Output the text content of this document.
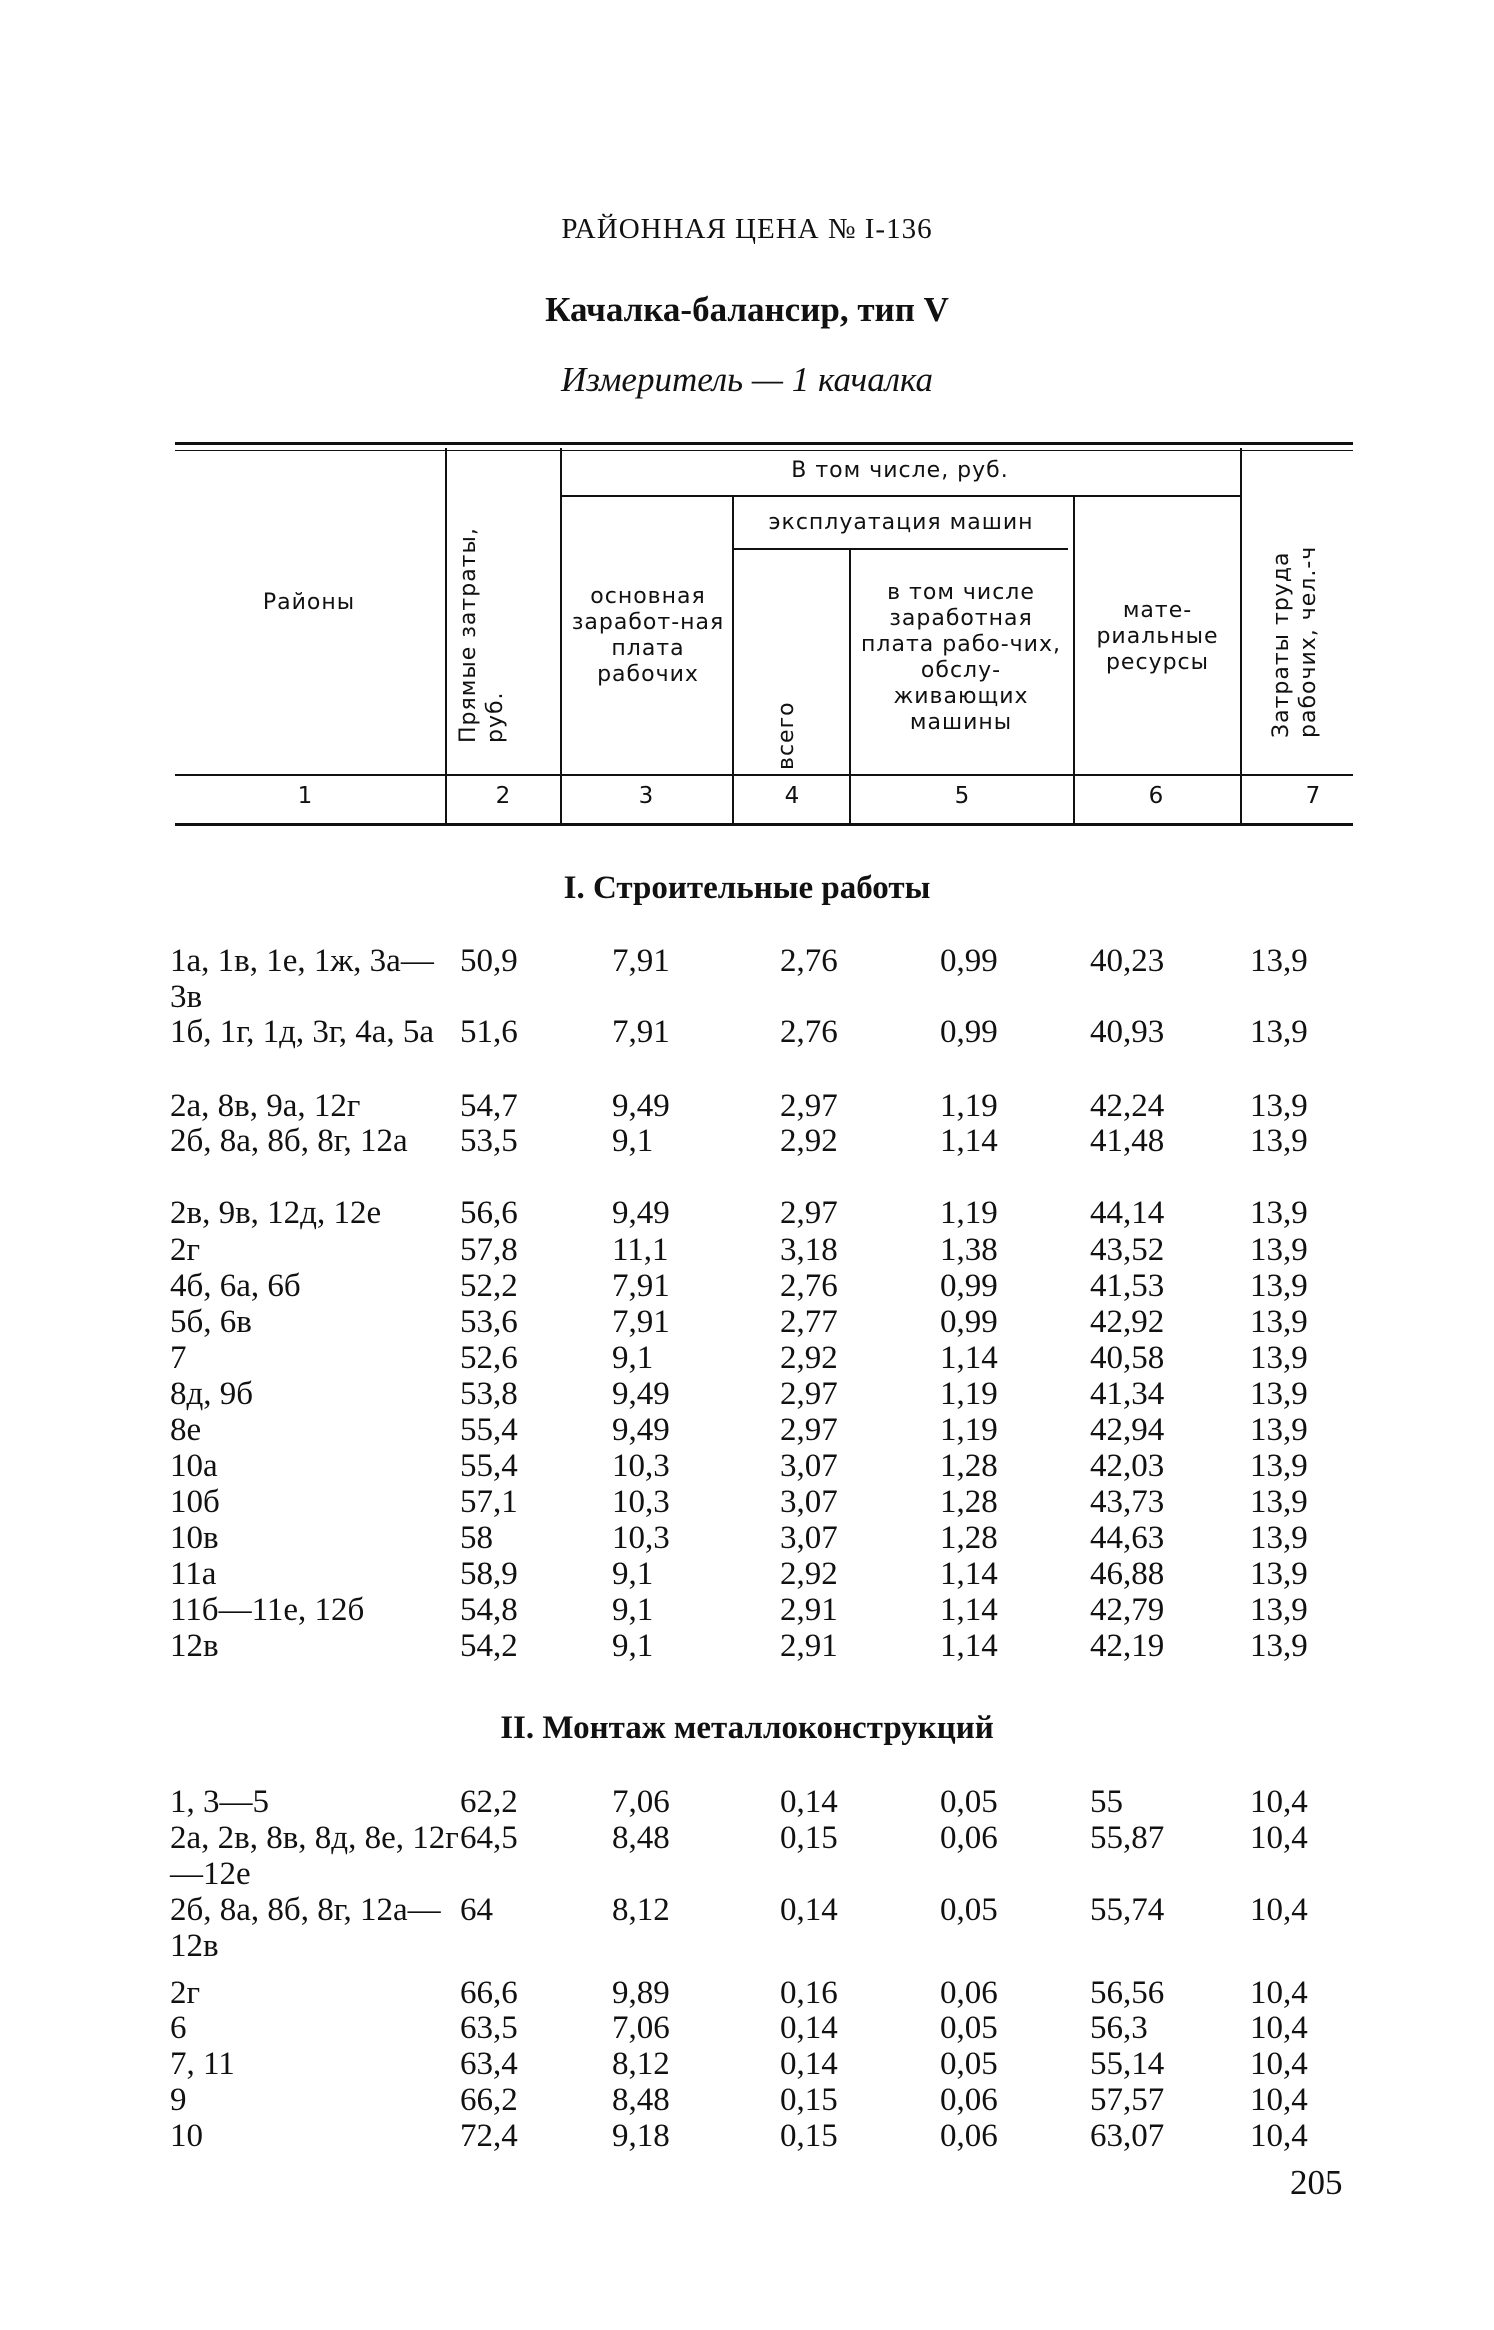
РАЙОННАЯ ЦЕНА № I-136
Качалка-балансир, тип V
Измеритель — 1 качалка
Районы	Прямые затраты, руб.
В том числе, руб.
основная заработ-ная плата рабочих
эксплуатация машин
всего
в том числе заработная плата рабо-чих, обслу-живающих машины
мате-риальные ресурсы	Затраты труда рабочих, чел.-ч
1	2	3	4	5	6	7
I. Строительные работы
1а, 1в, 1е, 1ж, 3а—3в
50,9	7,91	2,76	0,99	40,23	13,9
1б, 1г, 1д, 3г, 4а, 5а 51,6	7,91	2,76	0,99	40,93	13,9
2а, 8в, 9а, 12г	54,7	9,49	2,97	1,19	42,24	13,9
2б, 8а, 8б, 8г, 12а	53,5	9,1	2,92	1,14	41,48	13,9
2в, 9в, 12д, 12е	56,6	9,49	2,97	1,19	44,14	13,9
2г	57,8	11,1	3,18	1,38	43,52	13,9
4б, 6а, 6б	52,2	7,91	2,76	0,99	41,53	13,9
5б, 6в	53,6	7,91	2,77	0,99	42,92	13,9
7	52,6	9,1	2,92	1,14	40,58	13,9
8д, 9б	53,8	9,49	2,97	1,19	41,34	13,9
8е	55,4	9,49	2,97	1,19	42,94	13,9
10а	55,4	10,3	3,07	1,28	42,03	13,9
10б	57,1	10,3	3,07	1,28	43,73	13,9
10в	58	10,3	3,07	1,28	44,63	13,9
11а	58,9	9,1	2,92	1,14	46,88	13,9
11б—11е, 12б	54,8	9,1	2,91	1,14	42,79	13,9
12в	54,2	9,1	2,91	1,14	42,19	13,9
II. Монтаж металлоконструкций
1, 3—5	62,2	7,06	0,14	0,05	55	10,4
2а, 2в, 8в, 8д, 8е, 12г—12е
64,5	8,48	0,15	0,06	55,87	10,4
2б, 8а, 8б, 8г, 12а—12в
64	8,12	0,14	0,05	55,74	10,4
2г	66,6	9,89	0,16	0,06	56,56	10,4
6	63,5	7,06	0,14	0,05	56,3	10,4
7, 11	63,4	8,12	0,14	0,05	55,14	10,4
9	66,2	8,48	0,15	0,06	57,57	10,4
10	72,4	9,18	0,15	0,06	63,07	10,4
205
